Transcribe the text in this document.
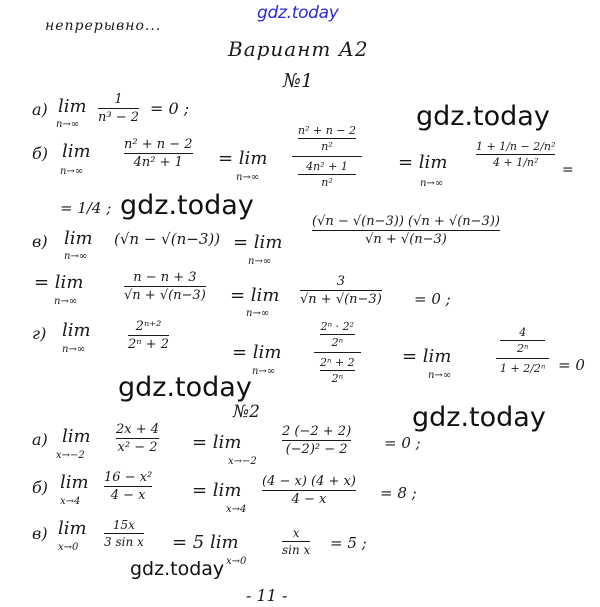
gdz.today
gdz.today
gdz.today
gdz.today
gdz.today
gdz.today
непрерывно...
Вариант А2
№1
а) lim
n→∞
1
n³ − 2 = 0 ;
б) lim
n→∞
n² + n − 2
4n² + 1	= lim
n→∞
n² + n − 2
n²
4n² + 1
n²
= lim
n→∞
1 + 1/n − 2/n²
4 + 1/n²	=
= 1/4 ;
в) lim
n→∞
(√n − √(n−3)) = lim
n→∞
(√n − √(n−3)) (√n + √(n−3))
√n + √(n−3)
= lim
n→∞
n − n + 3
√n + √(n−3) = lim
n→∞
3
√n + √(n−3) = 0 ;
г) lim
n→∞
2ⁿ⁺²
2ⁿ + 2	= lim
n→∞
2ⁿ · 2²
2ⁿ
2ⁿ + 2
2ⁿ
= lim
n→∞
4
2ⁿ
1 + 2/2ⁿ = 0
№2
а) lim
x→−2
2x + 4
x² − 2 = lim
x→−2
2 (−2 + 2)
(−2)² − 2 = 0 ;
б) lim
x→4
16 − x²
4 − x	= lim
x→4
(4 − x) (4 + x)
4 − x	= 8 ;
в) lim
x→0
15x
3 sin x = 5 lim
x→0
x
sin x = 5 ;
- 11 -
